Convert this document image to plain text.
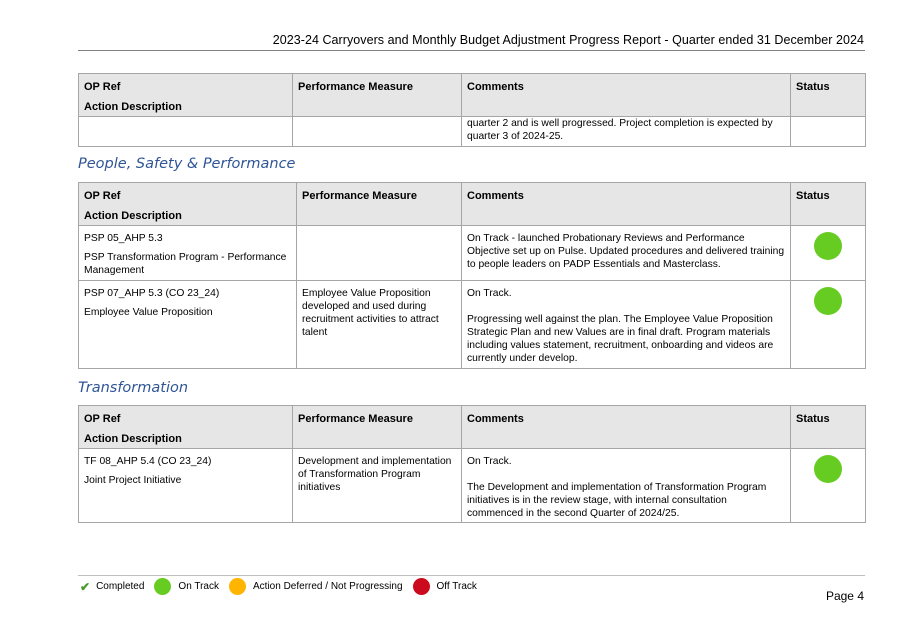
2023-24 Carryovers and Monthly Budget Adjustment Progress Report - Quarter ended 31 December 2024
OP Ref
Action Description	Performance Measure	Comments	Status
		quarter 2 and is well progressed. Project completion is expected by quarter 3 of 2024-25.	
People, Safety & Performance
OP Ref
Action Description	Performance Measure	Comments	Status

PSP 05_AHP 5.3
PSP Transformation Program - Performance Management		On Track - launched Probationary Reviews and Performance Objective set up on Pulse. Updated procedures and delivered training to people leaders on PADP Essentials and Masterclass.	

PSP 07_AHP 5.3 (CO 23_24)
Employee Value Proposition	Employee Value Proposition developed and used during recruitment activities to attract talent	On Track.
Progressing well against the plan. The Employee Value Proposition Strategic Plan and new Values are in final draft. Program materials including values statement, recruitment, onboarding and videos are currently under develop.	
Transformation
OP Ref
Action Description	Performance Measure	Comments	Status

TF 08_AHP 5.4 (CO 23_24)
Joint Project Initiative	Development and implementation of Transformation Program initiatives	On Track.
The Development and implementation of Transformation Program initiatives is in the review stage, with internal consultation commenced in the second Quarter of 2024/25.	
✔ Completed	On Track	Action Deferred / Not Progressing	Off Track
Page 4
